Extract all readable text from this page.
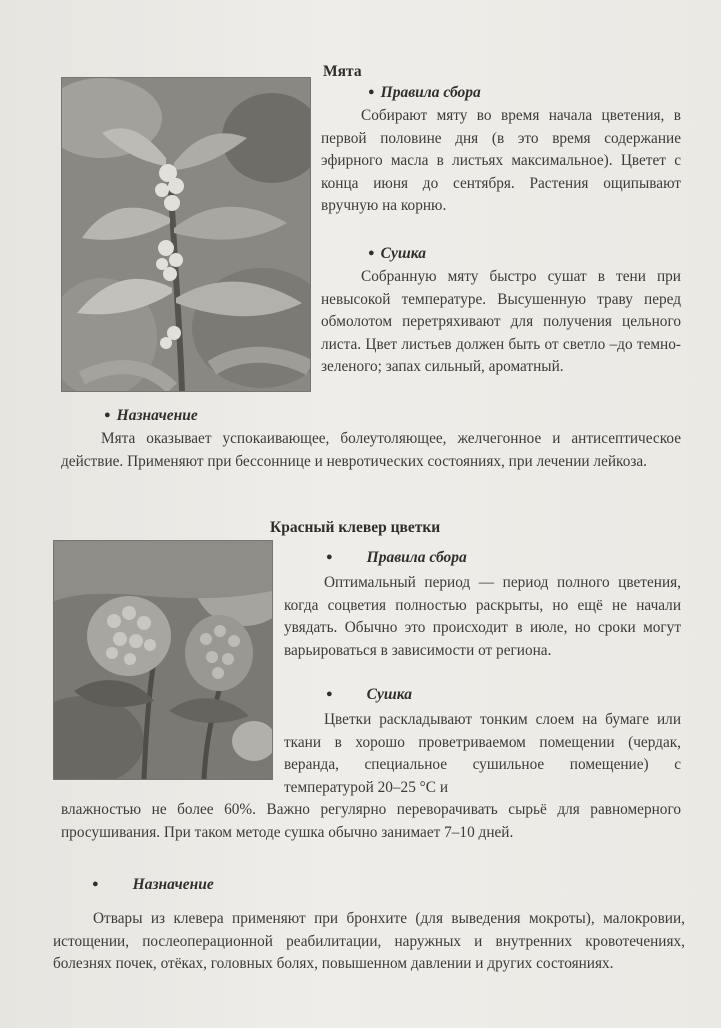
Мята
● Правила сбора
Собирают мяту во время начала цветения, в первой половине дня (в это время содержание эфирного масла в листьях максимальное). Цветет с конца июня до сентября. Растения ощипывают вручную на корню.
● Сушка
Собранную мяту быстро сушат в тени при невысокой температуре. Высушенную траву перед обмолотом перетряхивают для получения цельного листа. Цвет листьев должен быть от светло –до темно-зеленого; запах сильный, ароматный.
● Назначение
Мята оказывает успокаивающее, болеутоляющее, желчегонное и антисептическое действие. Применяют при бессоннице и невротических состояниях, при лечении лейкоза.
Красный клевер цветки
● Правила сбора
Оптимальный период — период полного цветения, когда соцветия полностью раскрыты, но ещё не начали увядать. Обычно это происходит в июле, но сроки могут варьироваться в зависимости от региона.
● Сушка
Цветки раскладывают тонким слоем на бумаге или ткани в хорошо проветриваемом помещении (чердак, веранда, специальное сушильное помещение) с температурой 20–25 °C и
влажностью не более 60%. Важно регулярно переворачивать сырьё для равномерного просушивания. При таком методе сушка обычно занимает 7–10 дней.
● Назначение
Отвары из клевера применяют при бронхите (для выведения мокроты), малокровии, истощении, послеоперационной реабилитации, наружных и внутренних кровотечениях, болезнях почек, отёках, головных болях, повышенном давлении и других состояниях.
